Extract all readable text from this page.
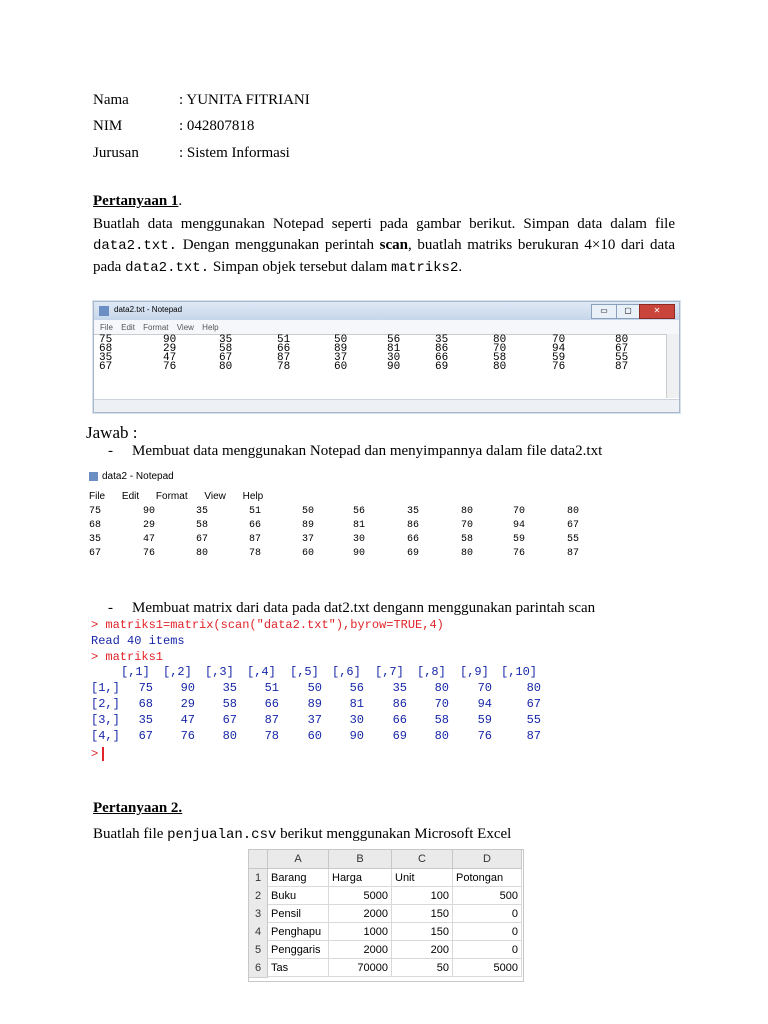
Nama	: YUNITA FITRIANI
NIM	: 042807818
Jurusan	: Sistem Informasi
Pertanyaan 1.
Buatlah data menggunakan Notepad seperti pada gambar berikut. Simpan data dalam file data2.txt. Dengan menggunakan perintah scan, buatlah matriks berukuran 4×10 dari data pada data2.txt. Simpan objek tersebut dalam matriks2.
data2.txt - Notepad	▭	▢	✕
File Edit Format View Help
75	90	35	51	50	56	35	80	70	80
68	29	58	66	89	81	86	70	94	67
35	47	67	87	37	30	66	58	59	55
67	76	80	78	60	90	69	80	76	87
Jawab :
- Membuat data menggunakan Notepad dan menyimpannya dalam file data2.txt
data2 - Notepad
File Edit Format View Help
75	90	35	51	50	56	35	80	70	80
68	29	58	66	89	81	86	70	94	67
35	47	67	87	37	30	66	58	59	55
67	76	80	78	60	90	69	80	76	87
- Membuat matrix dari data pada dat2.txt dengann menggunakan parintah scan
> matriks1=matrix(scan("data2.txt"),byrow=TRUE,4)
Read 40 items
> matriks1
>
[,1] [,2] [,3] [,4] [,5] [,6] [,7] [,8] [,9] [,10]
[1,] 75 90 35 51 50 56 35 80 70	80
[2,] 68 29 58 66 89 81 86 70 94	67
[3,] 35 47 67 87 37 30 66 58 59	55
[4,] 67 76 80 78 60 90 69 80 76	87
Pertanyaan 2.
Buatlah file penjualan.csv berikut menggunakan Microsoft Excel
A	B	C	D
1 Barang	Harga	Unit	Potongan
2 Buku	5000	100	500
3 Pensil	2000	150	0
4 Penghapu	1000	150	0
5 Penggaris	2000	200	0
6 Tas	70000	50	5000
